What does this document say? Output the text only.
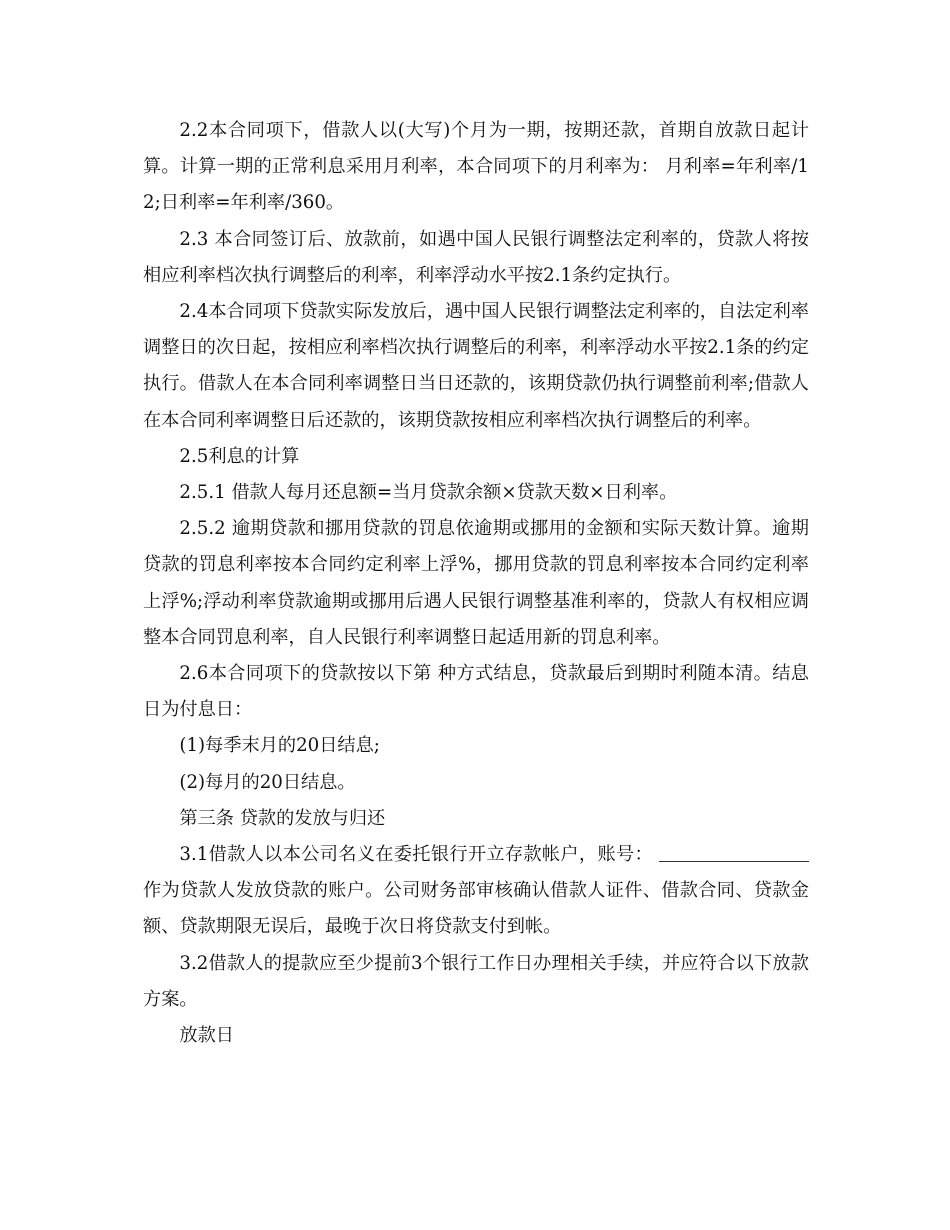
2.2本合同项下，借款人以(大写)个月为一期，按期还款，首期自放款日起计算。计算一期的正常利息采用月利率，本合同项下的月利率为： 月利率=年利率/12;日利率=年利率/360。

2.3 本合同签订后、放款前，如遇中国人民银行调整法定利率的，贷款人将按相应利率档次执行调整后的利率，利率浮动水平按2.1条约定执行。

2.4本合同项下贷款实际发放后，遇中国人民银行调整法定利率的，自法定利率调整日的次日起，按相应利率档次执行调整后的利率，利率浮动水平按2.1条的约定执行。借款人在本合同利率调整日当日还款的，该期贷款仍执行调整前利率;借款人在本合同利率调整日后还款的，该期贷款按相应利率档次执行调整后的利率。

2.5利息的计算

2.5.1 借款人每月还息额=当月贷款余额×贷款天数×日利率。

2.5.2 逾期贷款和挪用贷款的罚息依逾期或挪用的金额和实际天数计算。逾期贷款的罚息利率按本合同约定利率上浮%，挪用贷款的罚息利率按本合同约定利率上浮%;浮动利率贷款逾期或挪用后遇人民银行调整基准利率的，贷款人有权相应调整本合同罚息利率，自人民银行利率调整日起适用新的罚息利率。

2.6本合同项下的贷款按以下第 种方式结息，贷款最后到期时利随本清。结息日为付息日：

(1)每季末月的20日结息;

(2)每月的20日结息。

第三条 贷款的发放与归还

3.1借款人以本公司名义在委托银行开立存款帐户，账号：作为贷款人发放贷款的账户。公司财务部审核确认借款人证件、借款合同、贷款金额、贷款期限无误后，最晚于次日将贷款支付到帐。

3.2借款人的提款应至少提前3个银行工作日办理相关手续，并应符合以下放款方案。

放款日
